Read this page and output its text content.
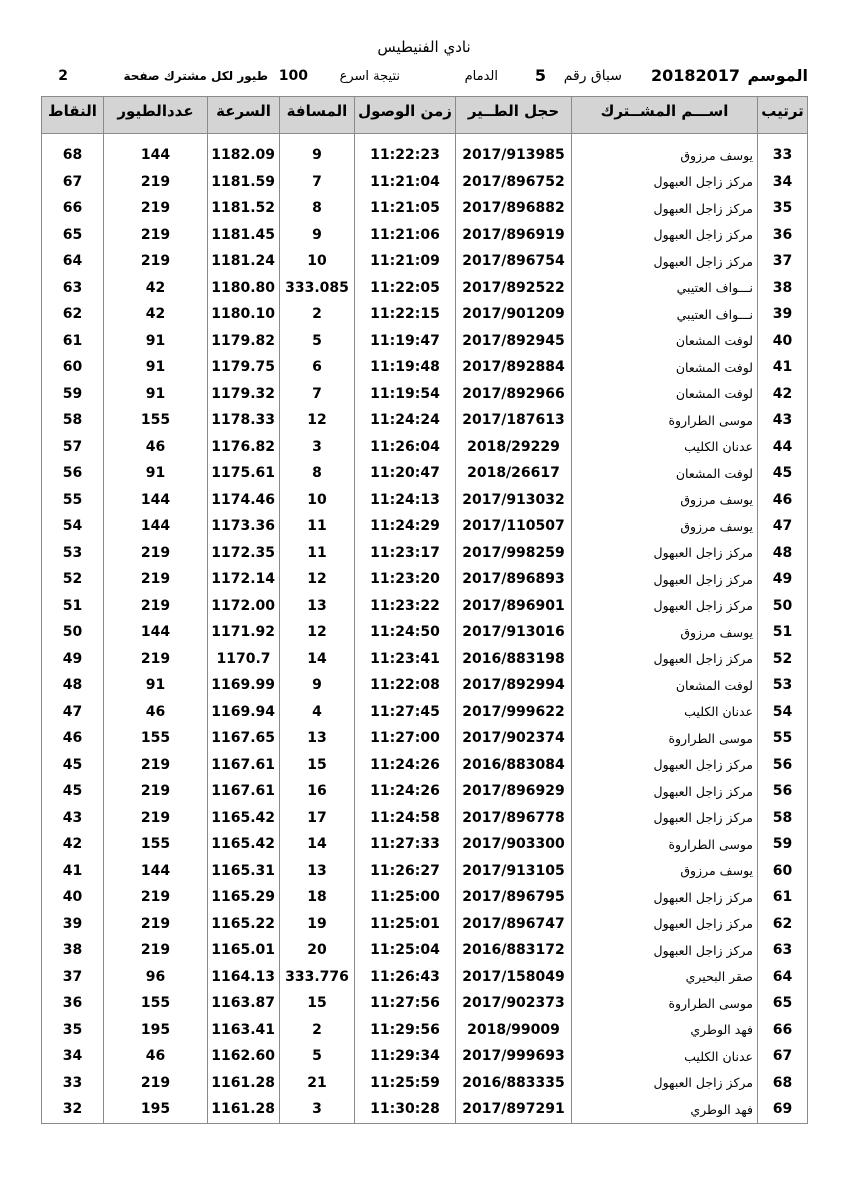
نادي الفنيطيس
الموسم
20182017
سباق رقم
5
الدمام
نتيجة اسرع
100
طيور لكل مشترك صفحة
2
ترتيب	اســـم المشــترك	حجل الطــير	زمن الوصول	المسافة	السرعة	عددالطيور	النقاط

33	يوسف مرزوق	2017/913985	11:22:23	9	1182.09	144	68
34	مركز زاجل العبهول	2017/896752	11:21:04	7	1181.59	219	67
35	مركز زاجل العبهول	2017/896882	11:21:05	8	1181.52	219	66
36	مركز زاجل العبهول	2017/896919	11:21:06	9	1181.45	219	65
37	مركز زاجل العبهول	2017/896754	11:21:09	10	1181.24	219	64
38	نـــواف العتيبي	2017/892522	11:22:05	333.085	1180.80	42	63
39	نـــواف العتيبي	2017/901209	11:22:15	2	1180.10	42	62
40	لوفت المشعان	2017/892945	11:19:47	5	1179.82	91	61
41	لوفت المشعان	2017/892884	11:19:48	6	1179.75	91	60
42	لوفت المشعان	2017/892966	11:19:54	7	1179.32	91	59
43	موسى الطراروة	2017/187613	11:24:24	12	1178.33	155	58
44	عدنان الكليب	2018/29229	11:26:04	3	1176.82	46	57
45	لوفت المشعان	2018/26617	11:20:47	8	1175.61	91	56
46	يوسف مرزوق	2017/913032	11:24:13	10	1174.46	144	55
47	يوسف مرزوق	2017/110507	11:24:29	11	1173.36	144	54
48	مركز زاجل العبهول	2017/998259	11:23:17	11	1172.35	219	53
49	مركز زاجل العبهول	2017/896893	11:23:20	12	1172.14	219	52
50	مركز زاجل العبهول	2017/896901	11:23:22	13	1172.00	219	51
51	يوسف مرزوق	2017/913016	11:24:50	12	1171.92	144	50
52	مركز زاجل العبهول	2016/883198	11:23:41	14	1170.7	219	49
53	لوفت المشعان	2017/892994	11:22:08	9	1169.99	91	48
54	عدنان الكليب	2017/999622	11:27:45	4	1169.94	46	47
55	موسى الطراروة	2017/902374	11:27:00	13	1167.65	155	46
56	مركز زاجل العبهول	2016/883084	11:24:26	15	1167.61	219	45
56	مركز زاجل العبهول	2017/896929	11:24:26	16	1167.61	219	45
58	مركز زاجل العبهول	2017/896778	11:24:58	17	1165.42	219	43
59	موسى الطراروة	2017/903300	11:27:33	14	1165.42	155	42
60	يوسف مرزوق	2017/913105	11:26:27	13	1165.31	144	41
61	مركز زاجل العبهول	2017/896795	11:25:00	18	1165.29	219	40
62	مركز زاجل العبهول	2017/896747	11:25:01	19	1165.22	219	39
63	مركز زاجل العبهول	2016/883172	11:25:04	20	1165.01	219	38
64	صقر البحيري	2017/158049	11:26:43	333.776	1164.13	96	37
65	موسى الطراروة	2017/902373	11:27:56	15	1163.87	155	36
66	فهد الوطري	2018/99009	11:29:56	2	1163.41	195	35
67	عدنان الكليب	2017/999693	11:29:34	5	1162.60	46	34
68	مركز زاجل العبهول	2016/883335	11:25:59	21	1161.28	219	33
69	فهد الوطري	2017/897291	11:30:28	3	1161.28	195	32
